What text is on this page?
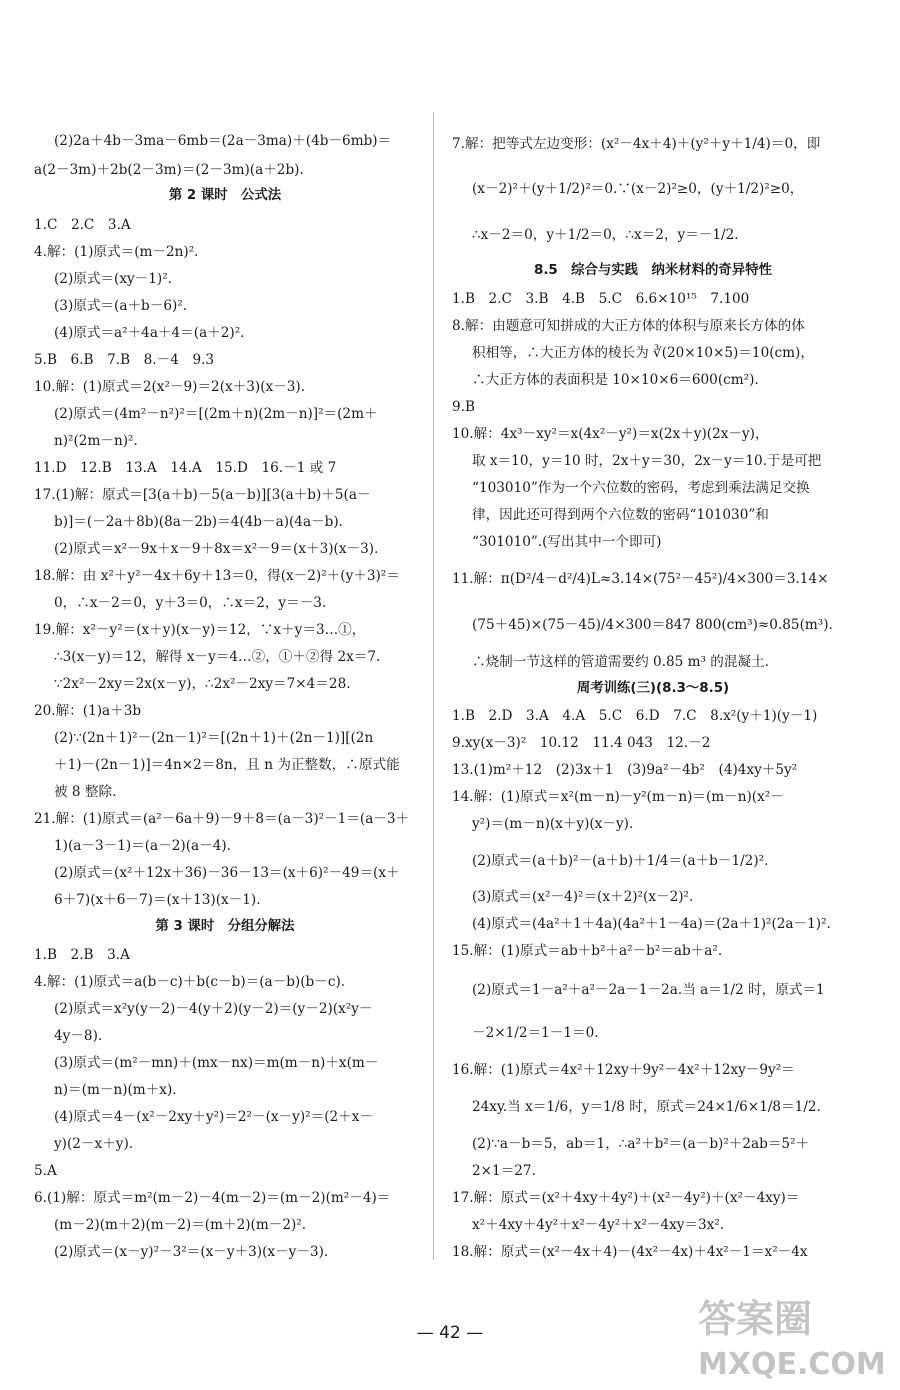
(2)2a＋4b－3ma－6mb＝(2a－3ma)＋(4b－6mb)＝
a(2－3m)＋2b(2－3m)＝(2－3m)(a＋2b).
第 2 课时　公式法
1.C　2.C　3.A
4.解：(1)原式＝(m－2n)².
(2)原式＝(xy－1)².
(3)原式＝(a＋b－6)².
(4)原式＝a²＋4a＋4＝(a＋2)².
5.B　6.B　7.B　8.－4　9.3
10.解：(1)原式＝2(x²－9)＝2(x＋3)(x－3).
(2)原式＝(4m²－n²)²＝[(2m＋n)(2m－n)]²＝(2m＋
n)²(2m－n)².
11.D　12.B　13.A　14.A　15.D　16.－1 或 7
17.(1)解：原式＝[3(a＋b)－5(a－b)][3(a＋b)＋5(a－
b)]＝(－2a＋8b)(8a－2b)＝4(4b－a)(4a－b).
(2)原式＝x²－9x＋x－9＋8x＝x²－9＝(x＋3)(x－3).
18.解：由 x²＋y²－4x＋6y＋13＝0，得(x－2)²＋(y＋3)²＝
0，∴x－2＝0，y＋3＝0，∴x＝2，y＝－3.
19.解：x²－y²＝(x＋y)(x－y)＝12，∵x＋y＝3…①，
∴3(x－y)＝12，解得 x－y＝4…②，①＋②得 2x＝7.
∵2x²－2xy＝2x(x－y)，∴2x²－2xy＝7×4＝28.
20.解：(1)a＋3b
(2)∵(2n＋1)²－(2n－1)²＝[(2n＋1)＋(2n－1)][(2n
＋1)－(2n－1)]＝4n×2＝8n，且 n 为正整数，∴原式能
被 8 整除.
21.解：(1)原式＝(a²－6a＋9)－9＋8＝(a－3)²－1＝(a－3＋
1)(a－3－1)＝(a－2)(a－4).
(2)原式＝(x²＋12x＋36)－36－13＝(x＋6)²－49＝(x＋
6＋7)(x＋6－7)＝(x＋13)(x－1).
第 3 课时　分组分解法
1.B　2.B　3.A
4.解：(1)原式＝a(b－c)＋b(c－b)＝(a－b)(b－c).
(2)原式＝x²y(y－2)－4(y＋2)(y－2)＝(y－2)(x²y－
4y－8).
(3)原式＝(m²－mn)＋(mx－nx)＝m(m－n)＋x(m－
n)＝(m－n)(m＋x).
(4)原式＝4－(x²－2xy＋y²)＝2²－(x－y)²＝(2＋x－
y)(2－x＋y).
5.A
6.(1)解：原式＝m²(m－2)－4(m－2)＝(m－2)(m²－4)＝
(m－2)(m＋2)(m－2)＝(m＋2)(m－2)².
(2)原式＝(x－y)²－3²＝(x－y＋3)(x－y－3).
7.解：把等式左边变形：(x²－4x＋4)＋(y²＋y＋1/4)＝0，即
(x－2)²＋(y＋1/2)²＝0.∵(x－2)²≥0，(y＋1/2)²≥0，
∴x－2＝0，y＋1/2＝0，∴x＝2，y＝－1/2.
8.5　综合与实践　纳米材料的奇异特性
1.B　2.C　3.B　4.B　5.C　6.6×10¹⁵　7.100
8.解：由题意可知拼成的大正方体的体积与原来长方体的体
积相等，∴大正方体的棱长为 ∛(20×10×5)＝10(cm)，
∴大正方体的表面积是 10×10×6＝600(cm²).
9.B
10.解：4x³－xy²＝x(4x²－y²)＝x(2x＋y)(2x－y)，
取 x＝10，y＝10 时，2x＋y＝30，2x－y＝10.于是可把
“103010”作为一个六位数的密码，考虑到乘法满足交换
律，因此还可得到两个六位数的密码“101030”和
“301010”.(写出其中一个即可)
11.解：π(D²/4－d²/4)L≈3.14×(75²－45²)/4×300＝3.14×
(75＋45)×(75－45)/4×300＝847 800(cm³)≈0.85(m³).
∴烧制一节这样的管道需要约 0.85 m³ 的混凝土.
周考训练(三)(8.3～8.5)
1.B　2.D　3.A　4.A　5.C　6.D　7.C　8.x²(y＋1)(y－1)
9.xy(x－3)²　10.12　11.4 043　12.－2
13.(1)m²＋12　(2)3x＋1　(3)9a²－4b²　(4)4xy＋5y²
14.解：(1)原式＝x²(m－n)－y²(m－n)＝(m－n)(x²－
y²)＝(m－n)(x＋y)(x－y).
(2)原式＝(a＋b)²－(a＋b)＋1/4＝(a＋b－1/2)².
(3)原式＝(x²－4)²＝(x＋2)²(x－2)².
(4)原式＝(4a²＋1＋4a)(4a²＋1－4a)＝(2a＋1)²(2a－1)².
15.解：(1)原式＝ab＋b²＋a²－b²＝ab＋a².
(2)原式＝1－a²＋a²－2a－1－2a.当 a＝1/2 时，原式＝1
－2×1/2＝1－1＝0.
16.解：(1)原式＝4x²＋12xy＋9y²－4x²＋12xy－9y²＝
24xy.当 x＝1/6，y＝1/8 时，原式＝24×1/6×1/8＝1/2.
(2)∵a－b＝5，ab＝1，∴a²＋b²＝(a－b)²＋2ab＝5²＋
2×1＝27.
17.解：原式＝(x²＋4xy＋4y²)＋(x²－4y²)＋(x²－4xy)＝
x²＋4xy＋4y²＋x²－4y²＋x²－4xy＝3x².
18.解：原式＝(x²－4x＋4)－(4x²－4x)＋4x²－1＝x²－4x
— 42 —	答案圈
MXQE.COM
